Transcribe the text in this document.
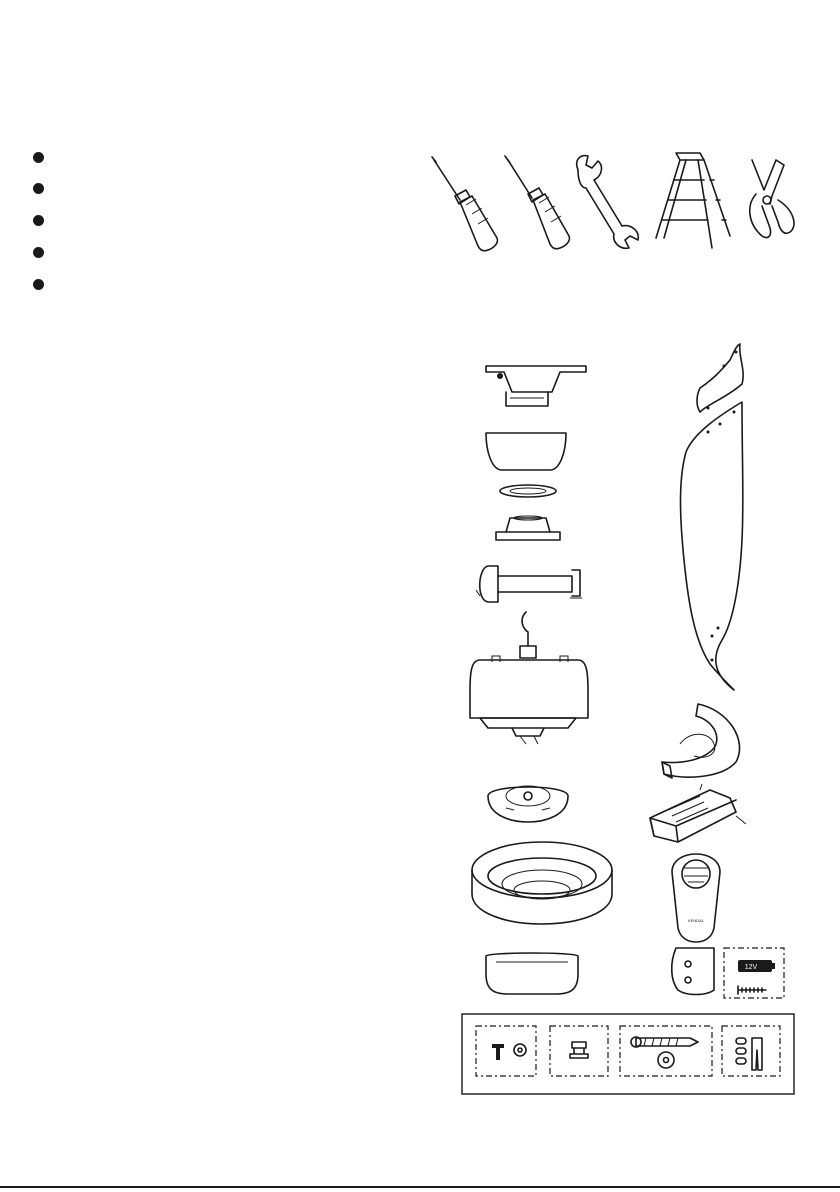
KENDAL
12V
